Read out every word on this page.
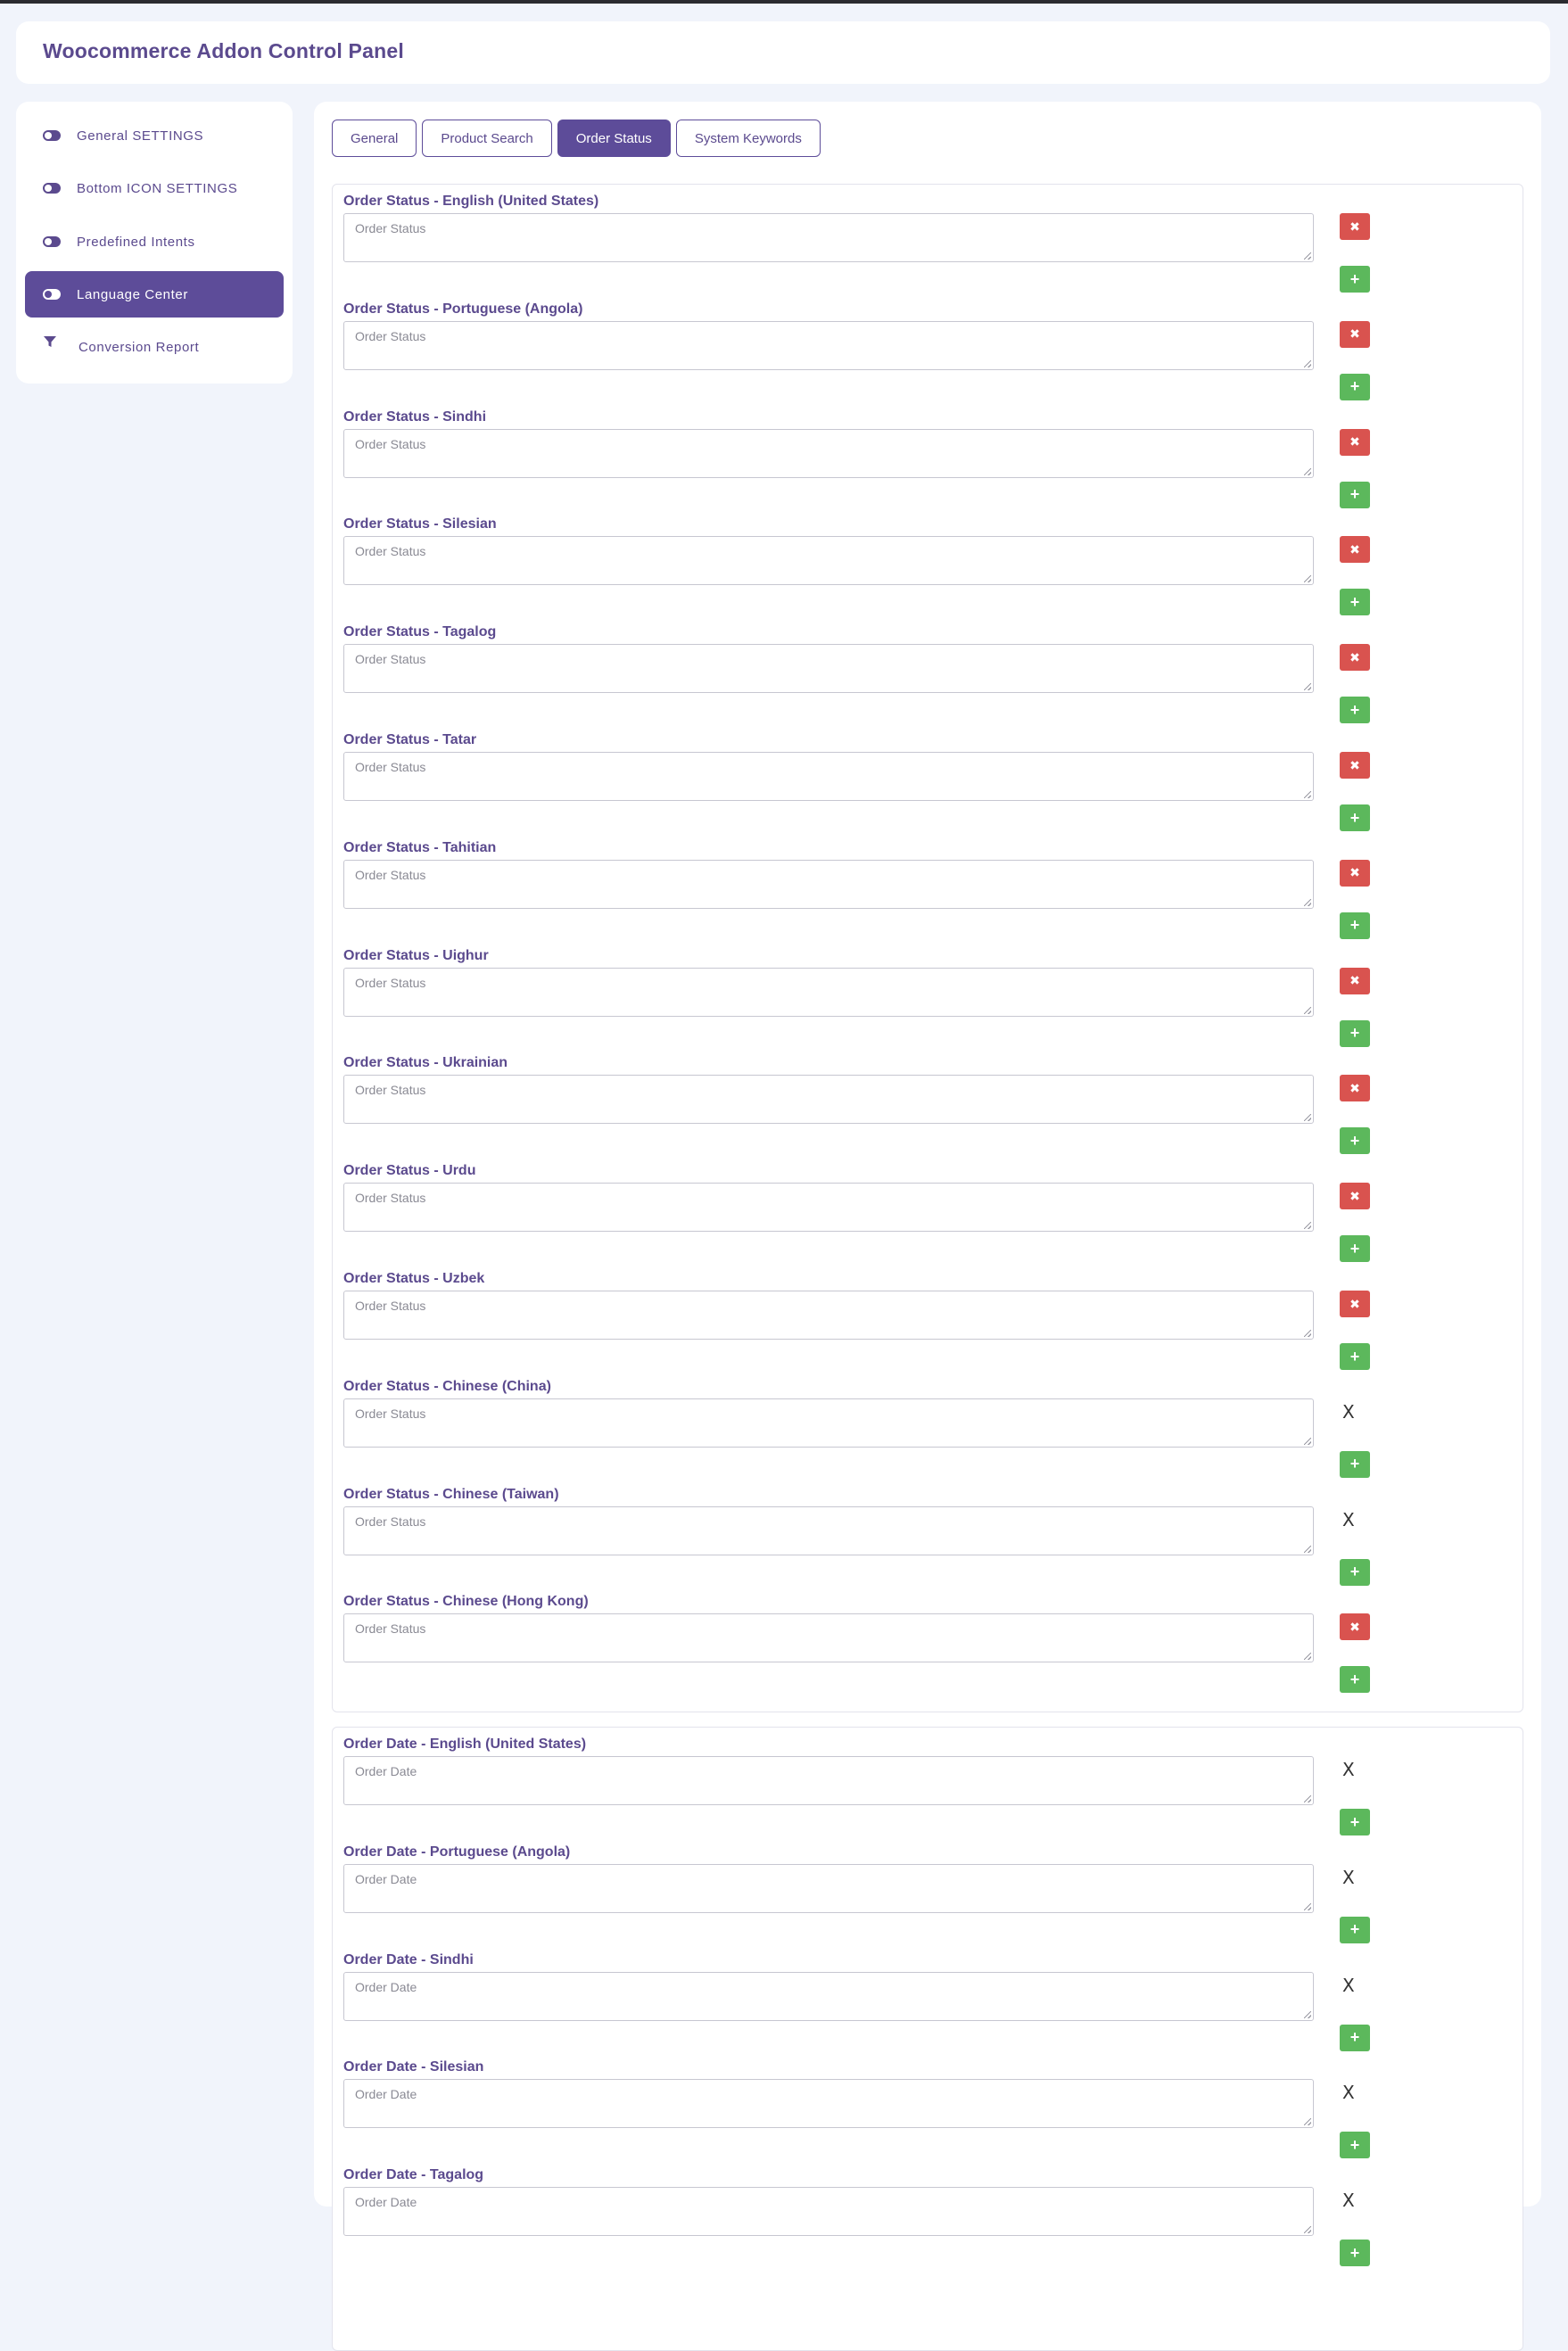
Woocommerce Addon Control Panel
General SETTINGS
Bottom ICON SETTINGS
Predefined Intents
Language Center
Conversion Report
General	Product Search	Order Status	System Keywords
Order Status - English (United States)
Order Status	✖
+
Order Status - Portuguese (Angola)
Order Status	✖
+
Order Status - Sindhi
Order Status	✖
+
Order Status - Silesian
Order Status	✖
+
Order Status - Tagalog
Order Status	✖
+
Order Status - Tatar
Order Status	✖
+
Order Status - Tahitian
Order Status	✖
+
Order Status - Uighur
Order Status	✖
+
Order Status - Ukrainian
Order Status	✖
+
Order Status - Urdu
Order Status	✖
+
Order Status - Uzbek
Order Status	✖
+
Order Status - Chinese (China)
Order Status	X
+
Order Status - Chinese (Taiwan)
Order Status	X
+
Order Status - Chinese (Hong Kong)
Order Status	✖
+
Order Date - English (United States)
Order Date	X
+
Order Date - Portuguese (Angola)
Order Date	X
+
Order Date - Sindhi
Order Date	X
+
Order Date - Silesian
Order Date	X
+
Order Date - Tagalog
Order Date	X
+
